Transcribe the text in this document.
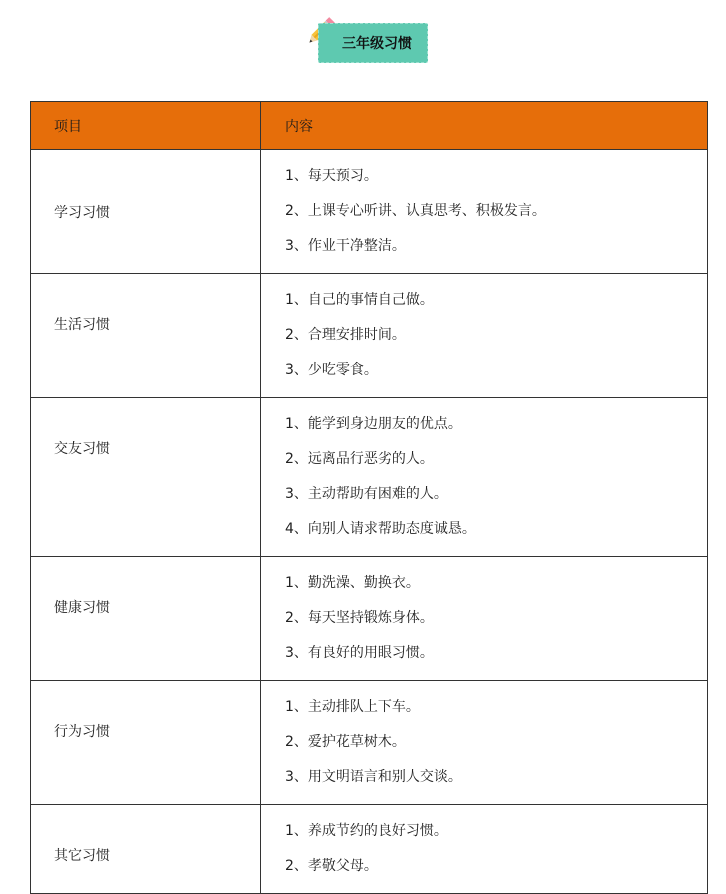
三年级习惯
项目	内容
学习习惯	1、每天预习。
2、上课专心听讲、认真思考、积极发言。
3、作业干净整洁。

生活习惯	1、自己的事情自己做。
2、合理安排时间。
3、少吃零食。

交友习惯	1、能学到身边朋友的优点。
2、远离品行恶劣的人。
3、主动帮助有困难的人。
4、向别人请求帮助态度诚恳。

健康习惯	1、勤洗澡、勤换衣。
2、每天坚持锻炼身体。
3、有良好的用眼习惯。

行为习惯	1、主动排队上下车。
2、爱护花草树木。
3、用文明语言和别人交谈。

其它习惯	1、养成节约的良好习惯。
2、孝敬父母。
